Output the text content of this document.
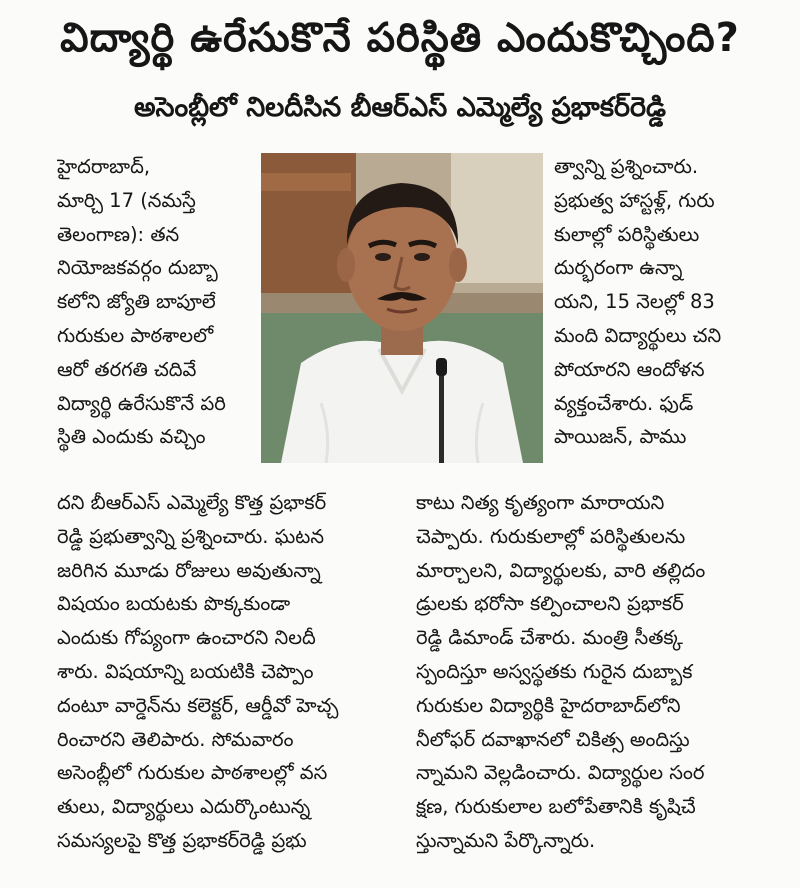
విద్యార్థి ఉరేసుకొనే పరిస్థితి ఎందుకొచ్చింది?
అసెంబ్లీలో నిలదీసిన బీఆర్‌ఎస్ ఎమ్మెల్యే ప్రభాకర్‌రెడ్డి
హైదరాబాద్,
మార్చి 17 (నమస్తే
తెలంగాణ): తన
నియోజకవర్గం దుబ్బా
కలోని జ్యోతి బాపూలే
గురుకుల పాఠశాలలో
ఆరో తరగతి చదివే
విద్యార్థి ఉరేసుకొనే పరి
స్థితి ఎందుకు వచ్చిం
త్వాన్ని ప్రశ్నించారు.
ప్రభుత్వ హాస్టళ్ల్, గురు
కులాల్లో పరిస్థితులు
దుర్భరంగా ఉన్నా
యని, 15 నెలల్లో 83
మంది విద్యార్థులు చని
పోయారని ఆందోళన
వ్యక్తంచేశారు. ఫుడ్
పాయిజన్, పాము
దని బీఆర్‌ఎస్ ఎమ్మెల్యే కొత్త ప్రభాకర్
రెడ్డి ప్రభుత్వాన్ని ప్రశ్నించారు. ఘటన
జరిగిన మూడు రోజులు అవుతున్నా
విషయం బయటకు పొక్కకుండా
ఎందుకు గోప్యంగా ఉంచారని నిలదీ
శారు. విషయాన్ని బయటికి చెప్పొం
దంటూ వార్డెన్‌ను కలెక్టర్, ఆర్డీవో హెచ్చ
రించారని తెలిపారు. సోమవారం
అసెంబ్లీలో గురుకుల పాఠశాలల్లో వస
తులు, విద్యార్థులు ఎదుర్కొంటున్న
సమస్యలపై కొత్త ప్రభాకర్‌రెడ్డి ప్రభు
కాటు నిత్య కృత్యంగా మారాయని
చెప్పారు. గురుకులాల్లో పరిస్థితులను
మార్చాలని, విద్యార్థులకు, వారి తల్లిదం
డ్రులకు భరోసా కల్పించాలని ప్రభాకర్
రెడ్డి డిమాండ్ చేశారు. మంత్రి సీతక్క
స్పందిస్తూ అస్వస్థతకు గురైన దుబ్బాక
గురుకుల విద్యార్థికి హైదరాబాద్‌లోని
నీలోఫర్ దవాఖానలో చికిత్స అందిస్తు
న్నామని వెల్లడించారు. విద్యార్థుల సంర
క్షణ, గురుకులాల బలోపేతానికి కృషిచే
స్తున్నామని పేర్కొన్నారు.
